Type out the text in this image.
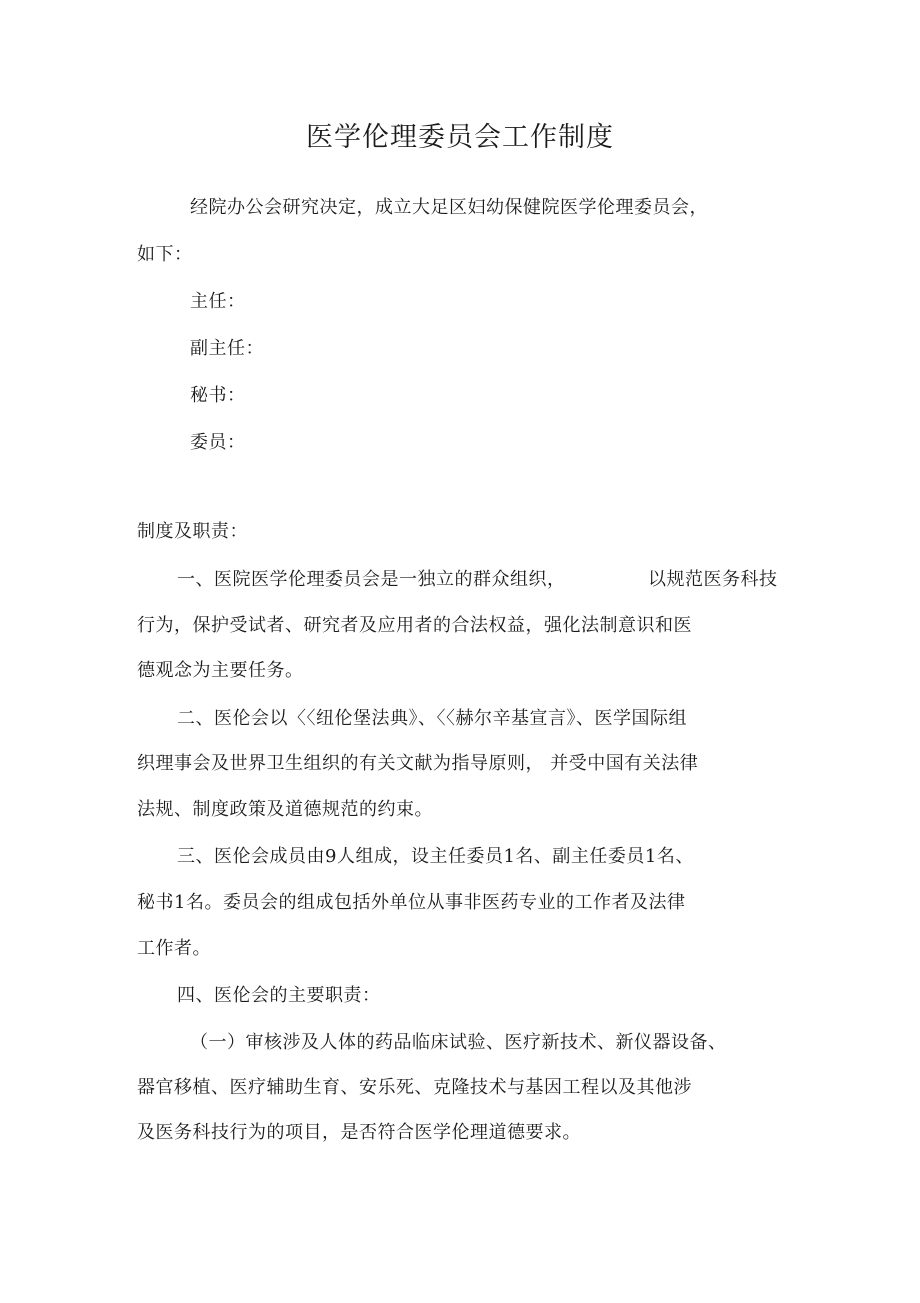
医学伦理委员会工作制度
经院办公会研究决定，成立大足区妇幼保健院医学伦理委员会，
如下：
主任：
副主任：
秘书：
委员：
制度及职责：
一、医院医学伦理委员会是一独立的群众组织，	以规范医务科技
行为，保护受试者、研究者及应用者的合法权益，强化法制意识和医
德观念为主要任务。
二、医伦会以〈〈纽伦堡法典》、〈〈赫尔辛基宣言》、医学国际组
织理事会及世界卫生组织的有关文献为指导原则， 并受中国有关法律
法规、制度政策及道德规范的约束。
三、医伦会成员由9人组成，设主任委员1名、副主任委员1名、
秘书1名。委员会的组成包括外单位从事非医药专业的工作者及法律
工作者。
四、医伦会的主要职责：
（一）审核涉及人体的药品临床试验、医疗新技术、新仪器设备、
器官移植、医疗辅助生育、安乐死、克隆技术与基因工程以及其他涉
及医务科技行为的项目，是否符合医学伦理道德要求。
